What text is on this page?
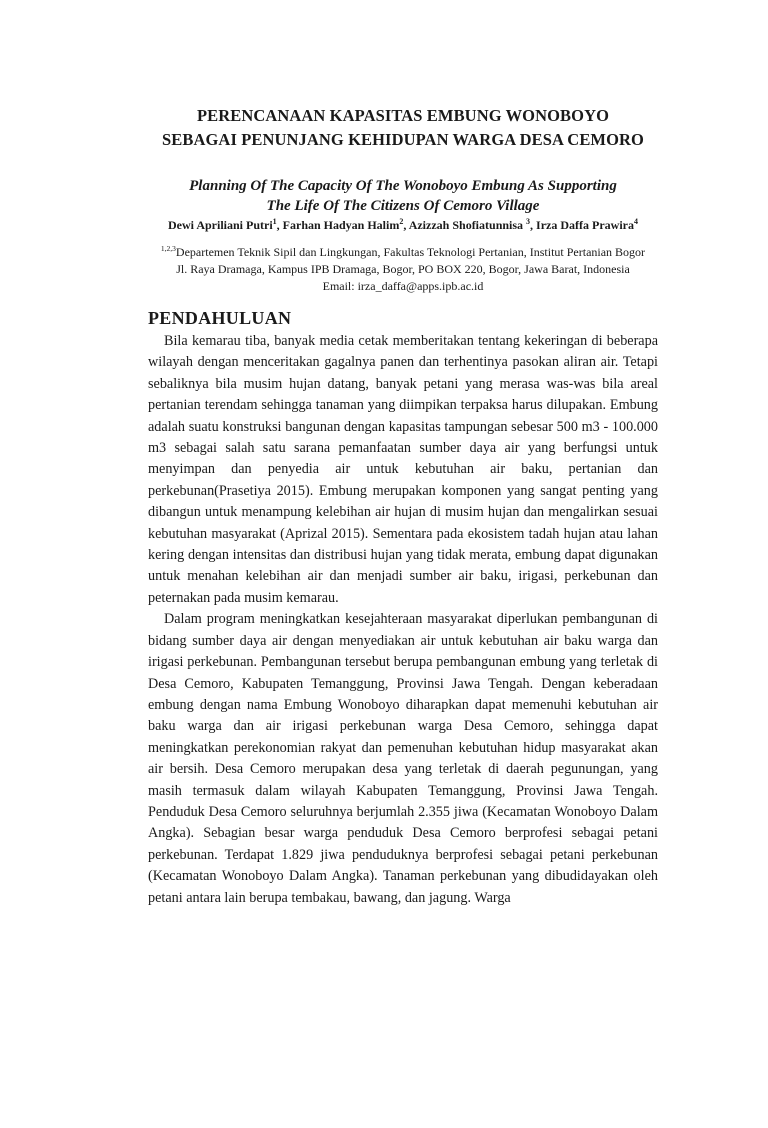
PERENCANAAN KAPASITAS EMBUNG WONOBOYO
SEBAGAI PENUNJANG KEHIDUPAN WARGA DESA CEMORO
Planning Of The Capacity Of The Wonoboyo Embung As Supporting
The Life Of The Citizens Of Cemoro Village
Dewi Apriliani Putri$^1$, Farhan Hadyan Halim$^2$, Azizzah Shofiatunnisa $^3$, Irza Daffa Prawira$^4$
$^{1,2,3}$Departemen Teknik Sipil dan Lingkungan, Fakultas Teknologi Pertanian, Institut Pertanian Bogor
Jl. Raya Dramaga, Kampus IPB Dramaga, Bogor, PO BOX 220, Bogor, Jawa Barat, Indonesia
Email: irza_daffa@apps.ipb.ac.id
PENDAHULUAN

Bila kemarau tiba, banyak media cetak memberitakan tentang kekeringan di beberapa wilayah dengan menceritakan gagalnya panen dan terhentinya pasokan aliran air. Tetapi sebaliknya bila musim hujan datang, banyak petani yang merasa was-was bila areal pertanian terendam sehingga tanaman yang diimpikan terpaksa harus dilupakan. Embung adalah suatu konstruksi bangunan dengan kapasitas tampungan sebesar 500 m3 - 100.000 m3 sebagai salah satu sarana pemanfaatan sumber daya air yang berfungsi untuk menyimpan dan penyedia air untuk kebutuhan air baku, pertanian dan perkebunan(Prasetiya 2015). Embung merupakan komponen yang sangat penting yang dibangun untuk menampung kelebihan air hujan di musim hujan dan mengalirkan sesuai kebutuhan masyarakat (Aprizal 2015). Sementara pada ekosistem tadah hujan atau lahan kering dengan intensitas dan distribusi hujan yang tidak merata, embung dapat digunakan untuk menahan kelebihan air dan menjadi sumber air baku, irigasi, perkebunan dan peternakan pada musim kemarau.

Dalam program meningkatkan kesejahteraan masyarakat diperlukan pembangunan di bidang sumber daya air dengan menyediakan air untuk kebutuhan air baku warga dan irigasi perkebunan. Pembangunan tersebut berupa pembangunan embung yang terletak di Desa Cemoro, Kabupaten Temanggung, Provinsi Jawa Tengah. Dengan keberadaan embung dengan nama Embung Wonoboyo diharapkan dapat memenuhi kebutuhan air baku warga dan air irigasi perkebunan warga Desa Cemoro, sehingga dapat meningkatkan perekonomian rakyat dan pemenuhan kebutuhan hidup masyarakat akan air bersih. Desa Cemoro merupakan desa yang terletak di daerah pegunungan, yang masih termasuk dalam wilayah Kabupaten Temanggung, Provinsi Jawa Tengah. Penduduk Desa Cemoro seluruhnya berjumlah 2.355 jiwa (Kecamatan Wonoboyo Dalam Angka). Sebagian besar warga penduduk Desa Cemoro berprofesi sebagai petani perkebunan. Terdapat 1.829 jiwa penduduknya berprofesi sebagai petani perkebunan (Kecamatan Wonoboyo Dalam Angka). Tanaman perkebunan yang dibudidayakan oleh petani antara lain berupa tembakau, bawang, dan jagung. Warga
